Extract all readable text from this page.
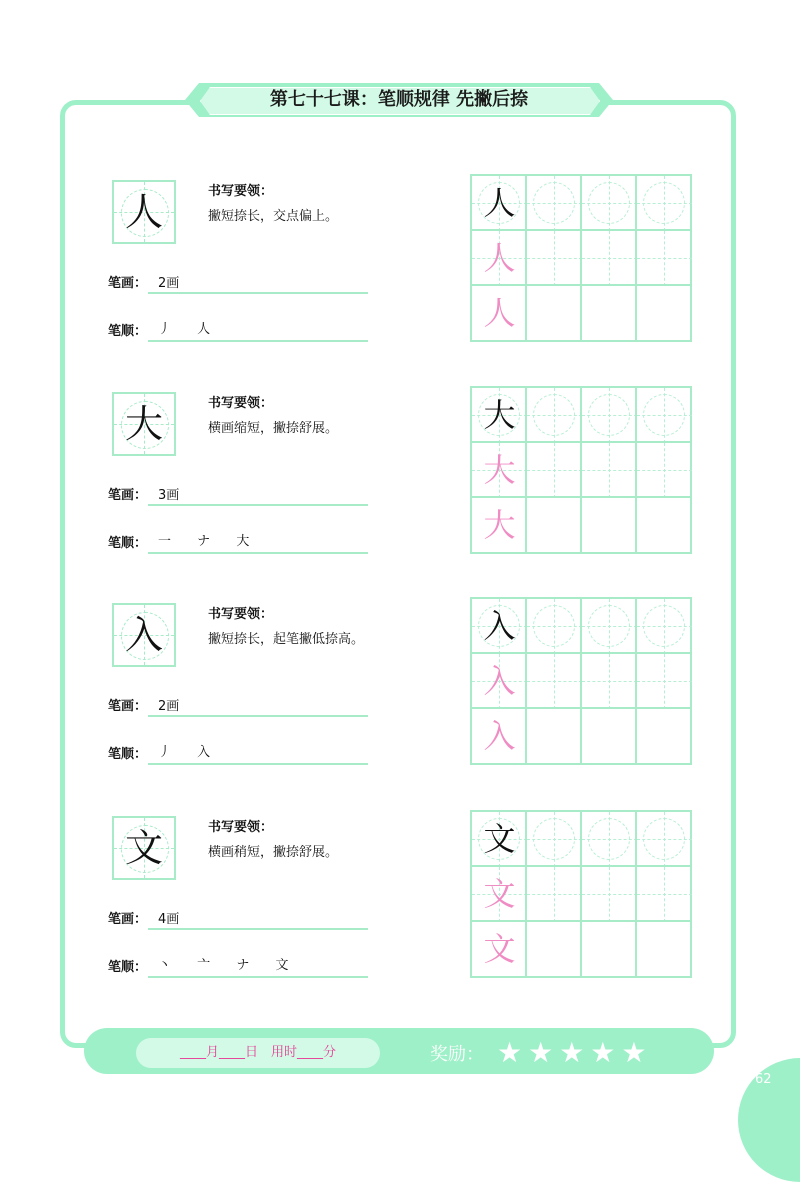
第七十七课：笔顺规律 先撇后捺
人	书写要领：
撇短捺长，交点偏上。
笔画： 2画
笔顺： 丿 人
人
人
人
大	书写要领：
横画缩短，撇捺舒展。
笔画： 3画
笔顺： 一 ナ 大
大
大
大
入	书写要领：
撇短捺长，起笔撇低捺高。
笔画： 2画
笔顺： 丿 入
入
入
入
文	书写要领：
横画稍短，撇捺舒展。
笔画： 4画
笔顺： 丶 亠 ナ 文
文
文
文
____月____日　用时____分	奖励： ★★★★★
62
